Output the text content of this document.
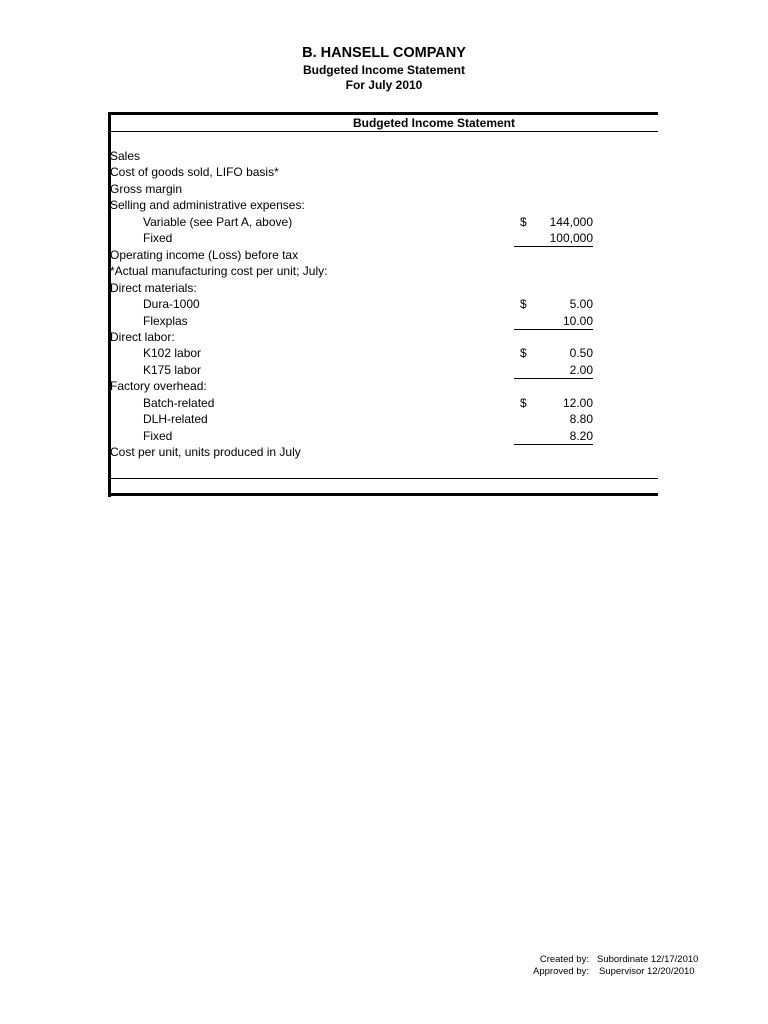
B. HANSELL COMPANY
Budgeted Income Statement
For July 2010
Budgeted Income Statement
Sales
Cost of goods sold, LIFO basis*
Gross margin
Selling and administrative expenses:
Variable (see Part A, above)	$	144,000
Fixed	100,000
Operating income (Loss) before tax
*Actual manufacturing cost per unit; July:
Direct materials:
Dura-1000	$	5.00
Flexplas	10.00
Direct labor:
K102 labor	$	0.50
K175 labor	2.00
Factory overhead:
Batch-related	$	12.00
DLH-related	8.80
Fixed	8.20
Cost per unit, units produced in July
Created by: Subordinate 12/17/2010
Approved by: Supervisor 12/20/2010
